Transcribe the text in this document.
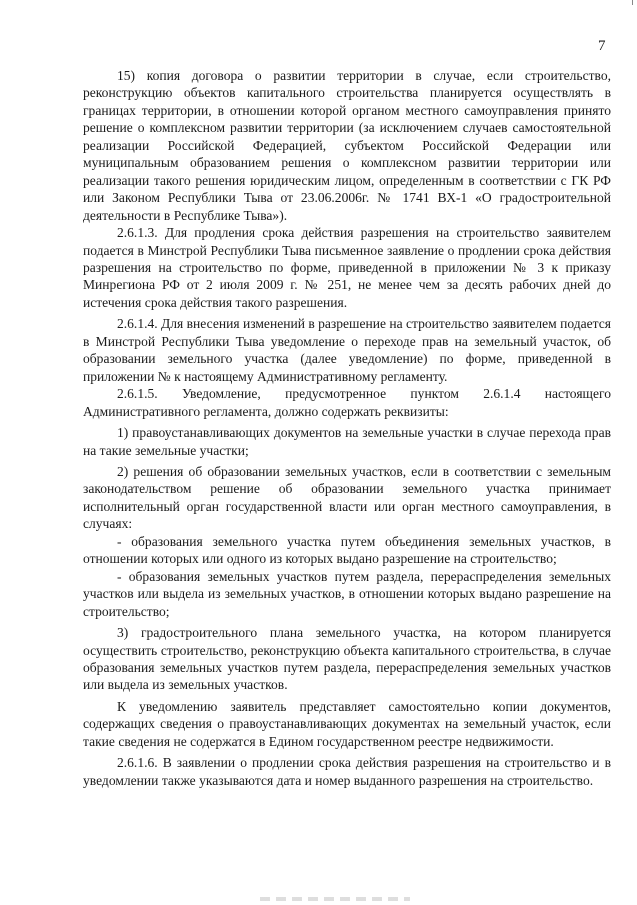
7

15) копия договора о развитии территории в случае, если строительство, реконструкцию объектов капитального строительства планируется осуществлять в границах территории, в отношении которой органом местного самоуправления принято решение о комплексном развитии территории (за исключением случаев самостоятельной реализации Российской Федерацией, субъектом Российской Федерации или муниципальным образованием решения о комплексном развитии территории или реализации такого решения юридическим лицом, определенным в соответствии с ГК РФ или Законом Республики Тыва от 23.06.2006г. № 1741 ВХ-1 «О градостроительной деятельности в Республике Тыва»).

2.6.1.3. Для продления срока действия разрешения на строительство заявителем подается в Минстрой Республики Тыва письменное заявление о продлении срока действия разрешения на строительство по форме, приведенной в приложении № 3 к приказу Минрегиона РФ от 2 июля 2009 г. № 251, не менее чем за десять рабочих дней до истечения срока действия такого разрешения.

2.6.1.4. Для внесения изменений в разрешение на строительство заявителем подается в Минстрой Республики Тыва уведомление о переходе прав на земельный участок, об образовании земельного участка (далее уведомление) по форме, приведенной в приложении № к настоящему Административному регламенту.

2.6.1.5. Уведомление, предусмотренное пунктом 2.6.1.4 настоящего Административного регламента, должно содержать реквизиты:

1) правоустанавливающих документов на земельные участки в случае перехода прав на такие земельные участки;

2) решения об образовании земельных участков, если в соответствии с земельным законодательством решение об образовании земельного участка принимает исполнительный орган государственной власти или орган местного самоуправления, в случаях:

- образования земельного участка путем объединения земельных участков, в отношении которых или одного из которых выдано разрешение на строительство;

- образования земельных участков путем раздела, перераспределения земельных участков или выдела из земельных участков, в отношении которых выдано разрешение на строительство;

3) градостроительного плана земельного участка, на котором планируется осуществить строительство, реконструкцию объекта капитального строительства, в случае образования земельных участков путем раздела, перераспределения земельных участков или выдела из земельных участков.

К уведомлению заявитель представляет самостоятельно копии документов, содержащих сведения о правоустанавливающих документах на земельный участок, если такие сведения не содержатся в Едином государственном реестре недвижимости.

2.6.1.6. В заявлении о продлении срока действия разрешения на строительство и в уведомлении также указываются дата и номер выданного разрешения на строительство.
